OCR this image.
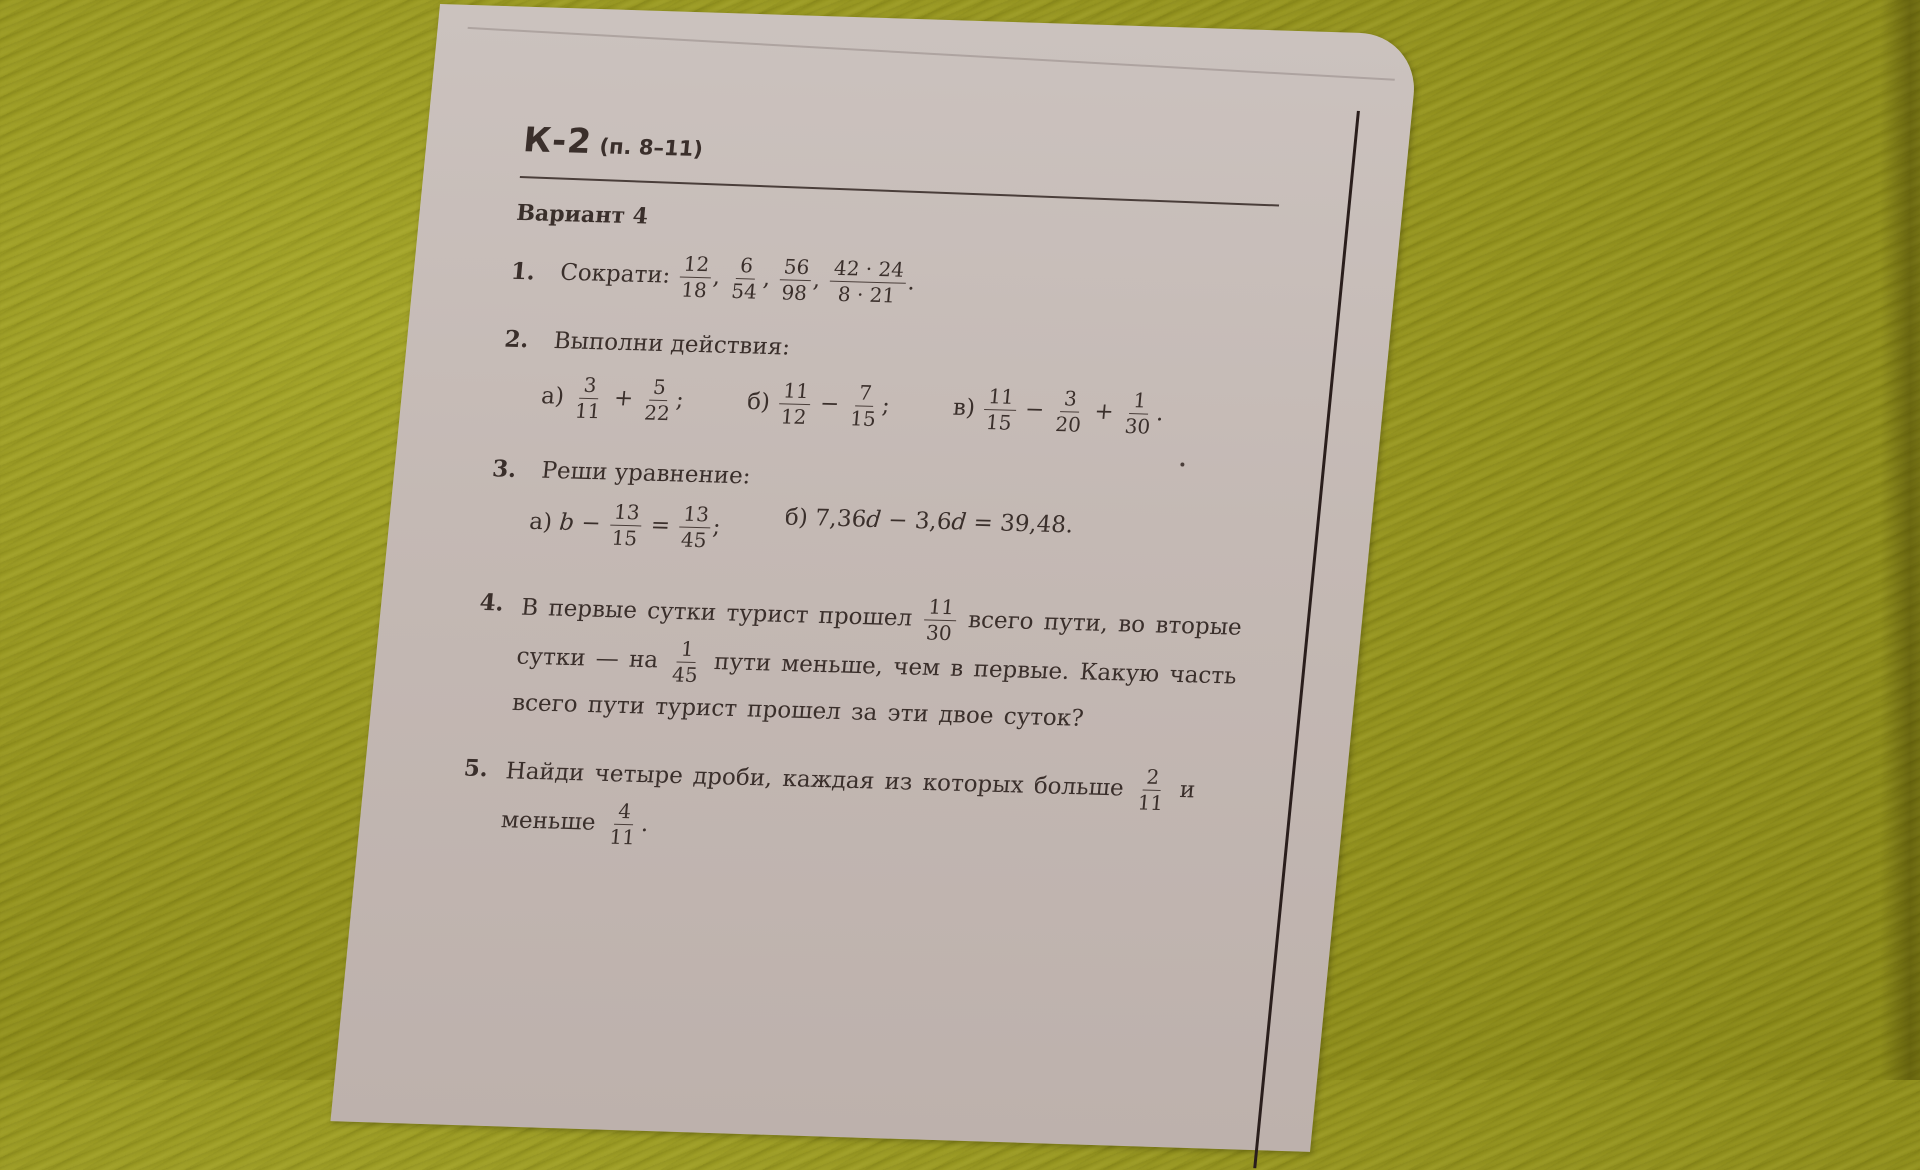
К-2 (п. 8–11)
Вариант 4
1. Сократи: $\frac{12}{18}$
, $\frac{6}{54}$
, $\frac{56}{98}$
, $\frac{42 \cdot 24}{8 \cdot 21}$
.
2. Выполни действия:
$а) \frac{3}{11} + \frac{5}{22}$
;	$б) \frac{11}{12} - \frac{7}{15}$
;	$в) \frac{11}{15} - \frac{3}{20} + \frac{1}{30}$
.
3. Реши уравнение:
а) $b - \frac{13}{15} = \frac{13}{45}$
;	б) 7,36d − 3,6d = 39,48.
4. В первые сутки турист прошел $\frac{11}{30}$ всего пути, во вторые
сутки — на $\frac{1}{45}$ пути меньше, чем в первые. Какую часть
всего пути турист прошел за эти двое суток?
5. Найди четыре дроби, каждая из которых больше $\frac{2}{11}$ и
меньше $\frac{4}{11}$
.
